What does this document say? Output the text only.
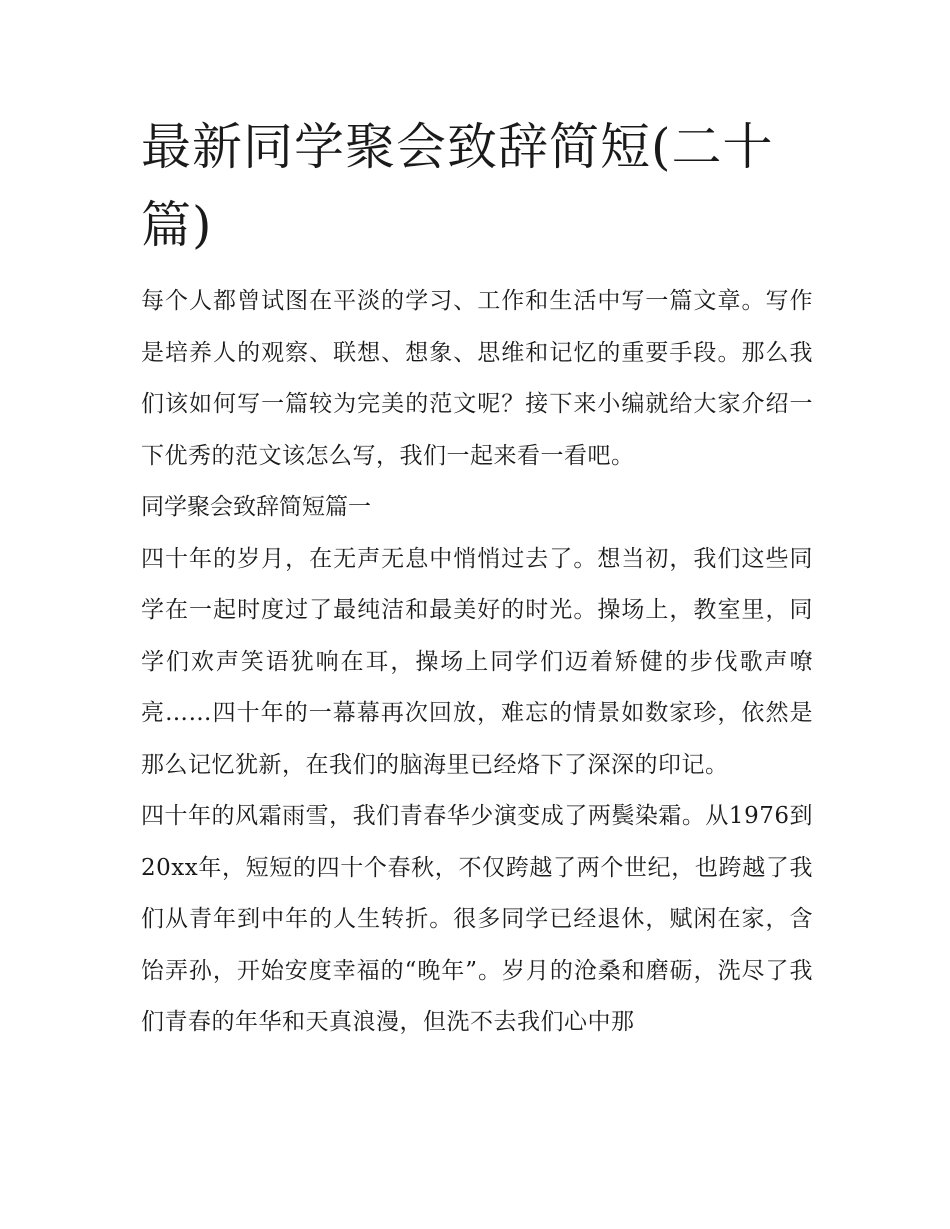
最新同学聚会致辞简短(二十篇)

每个人都曾试图在平淡的学习、工作和生活中写一篇文章。写作是培养人的观察、联想、想象、思维和记忆的重要手段。那么我们该如何写一篇较为完美的范文呢？接下来小编就给大家介绍一下优秀的范文该怎么写，我们一起来看一看吧。

同学聚会致辞简短篇一

四十年的岁月，在无声无息中悄悄过去了。想当初，我们这些同学在一起时度过了最纯洁和最美好的时光。操场上，教室里，同学们欢声笑语犹响在耳，操场上同学们迈着矫健的步伐歌声嘹亮……四十年的一幕幕再次回放，难忘的情景如数家珍，依然是那么记忆犹新，在我们的脑海里已经烙下了深深的印记。

四十年的风霜雨雪，我们青春华少演变成了两鬓染霜。从1976到20xx年，短短的四十个春秋，不仅跨越了两个世纪，也跨越了我们从青年到中年的人生转折。很多同学已经退休，赋闲在家，含饴弄孙，开始安度幸福的“晚年”。岁月的沧桑和磨砺，洗尽了我们青春的年华和天真浪漫，但洗不去我们心中那
